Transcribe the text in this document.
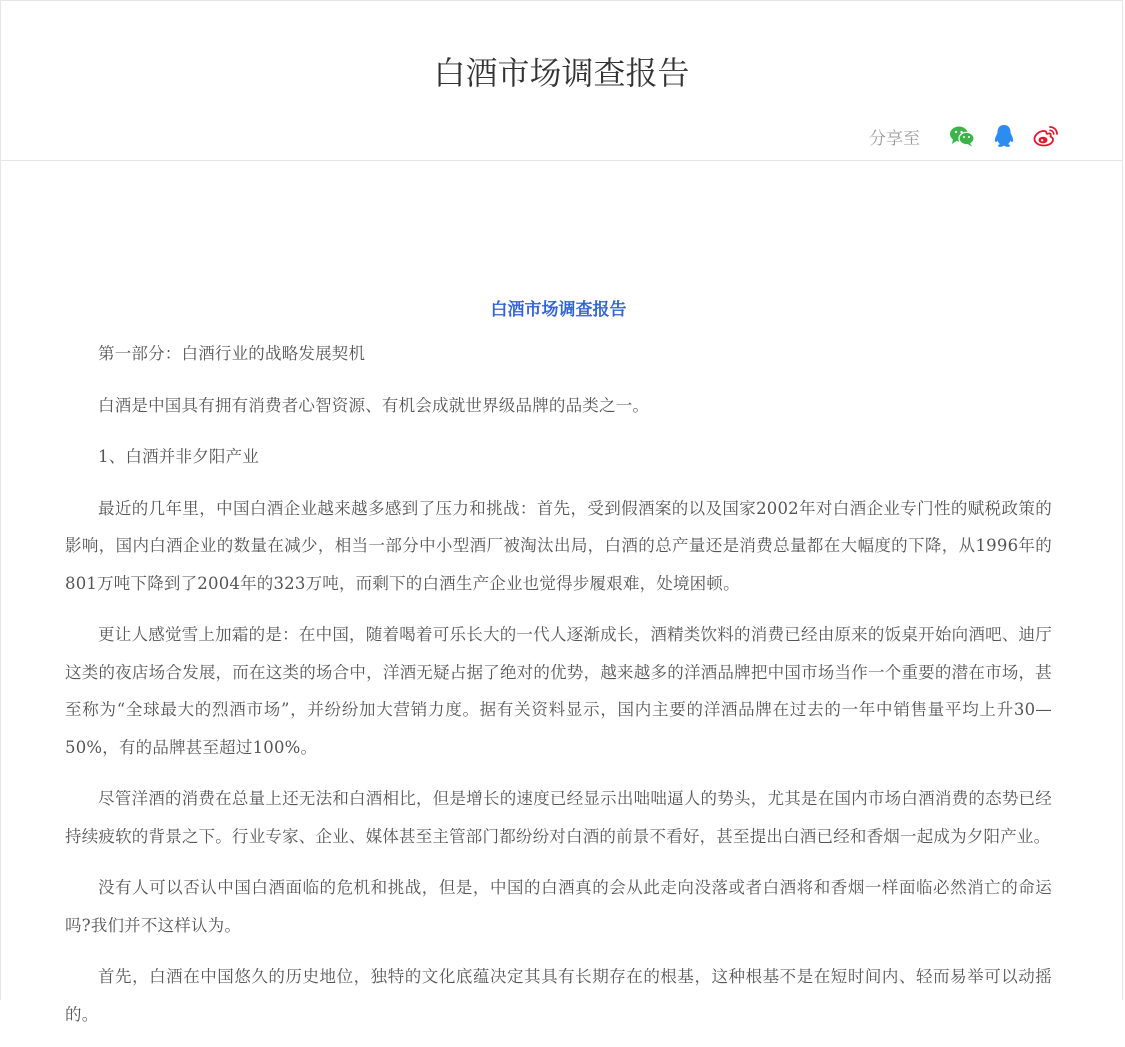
白酒市场调查报告
分享至
白酒市场调查报告

第一部分：白酒行业的战略发展契机

白酒是中国具有拥有消费者心智资源、有机会成就世界级品牌的品类之一。

1、白酒并非夕阳产业

最近的几年里，中国白酒企业越来越多感到了压力和挑战：首先，受到假酒案的以及国家2002年对白酒企业专门性的赋税政策的影响，国内白酒企业的数量在减少，相当一部分中小型酒厂被淘汰出局，白酒的总产量还是消费总量都在大幅度的下降，从1996年的801万吨下降到了2004年的323万吨，而剩下的白酒生产企业也觉得步履艰难，处境困顿。

更让人感觉雪上加霜的是：在中国，随着喝着可乐长大的一代人逐渐成长，酒精类饮料的消费已经由原来的饭桌开始向酒吧、迪厅这类的夜店场合发展，而在这类的场合中，洋酒无疑占据了绝对的优势，越来越多的洋酒品牌把中国市场当作一个重要的潜在市场，甚至称为“全球最大的烈酒市场”，并纷纷加大营销力度。据有关资料显示，国内主要的洋酒品牌在过去的一年中销售量平均上升30—50%，有的品牌甚至超过100%。

尽管洋酒的消费在总量上还无法和白酒相比，但是增长的速度已经显示出咄咄逼人的势头，尤其是在国内市场白酒消费的态势已经持续疲软的背景之下。行业专家、企业、媒体甚至主管部门都纷纷对白酒的前景不看好，甚至提出白酒已经和香烟一起成为夕阳产业。

没有人可以否认中国白酒面临的危机和挑战，但是，中国的白酒真的会从此走向没落或者白酒将和香烟一样面临必然消亡的命运吗?我们并不这样认为。

首先，白酒在中国悠久的历史地位，独特的文化底蕴决定其具有长期存在的根基，这种根基不是在短时间内、轻而易举可以动摇的。
